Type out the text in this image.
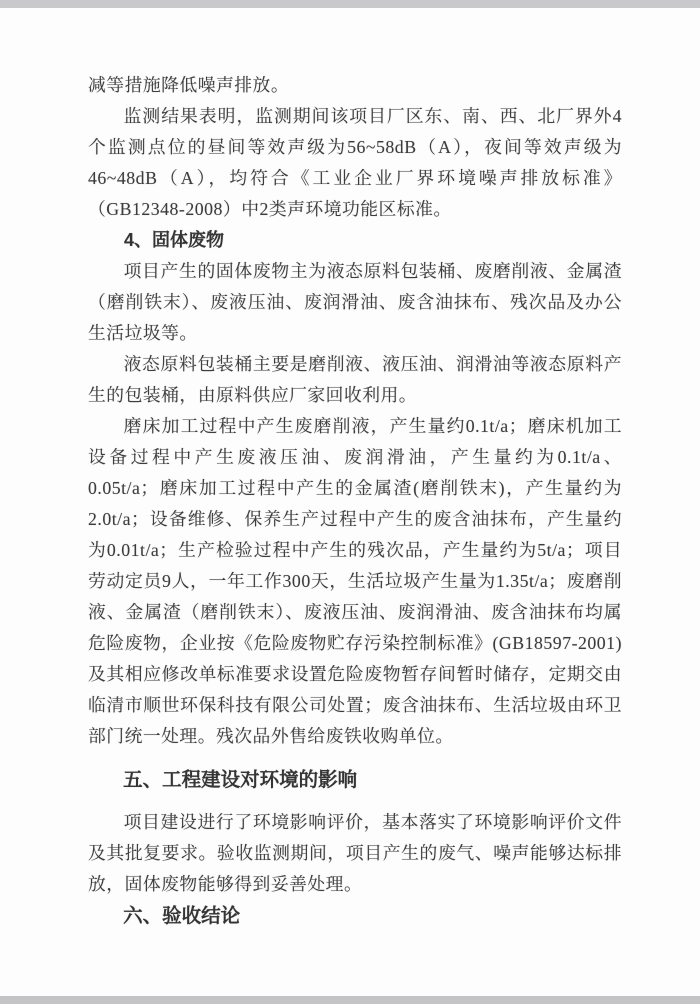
减等措施降低噪声排放。
监测结果表明，监测期间该项目厂区东、南、西、北厂界外4个监测点位的昼间等效声级为56~58dB（A），夜间等效声级为46~48dB（A），均符合《工业企业厂界环境噪声排放标准》（GB12348-2008）中2类声环境功能区标准。
4、固体废物
项目产生的固体废物主为液态原料包装桶、废磨削液、金属渣（磨削铁末）、废液压油、废润滑油、废含油抹布、残次品及办公生活垃圾等。
液态原料包装桶主要是磨削液、液压油、润滑油等液态原料产生的包装桶，由原料供应厂家回收利用。
磨床加工过程中产生废磨削液，产生量约0.1t/a；磨床机加工设备过程中产生废液压油、废润滑油，产生量约为0.1t/a、0.05t/a；磨床加工过程中产生的金属渣(磨削铁末)，产生量约为2.0t/a；设备维修、保养生产过程中产生的废含油抹布，产生量约为0.01t/a；生产检验过程中产生的残次品，产生量约为5t/a；项目劳动定员9人，一年工作300天，生活垃圾产生量为1.35t/a；废磨削液、金属渣（磨削铁末）、废液压油、废润滑油、废含油抹布均属危险废物，企业按《危险废物贮存污染控制标准》(GB18597-2001)及其相应修改单标准要求设置危险废物暂存间暂时储存，定期交由临清市顺世环保科技有限公司处置；废含油抹布、生活垃圾由环卫部门统一处理。残次品外售给废铁收购单位。
五、工程建设对环境的影响
项目建设进行了环境影响评价，基本落实了环境影响评价文件及其批复要求。验收监测期间，项目产生的废气、噪声能够达标排放，固体废物能够得到妥善处理。
六、验收结论
